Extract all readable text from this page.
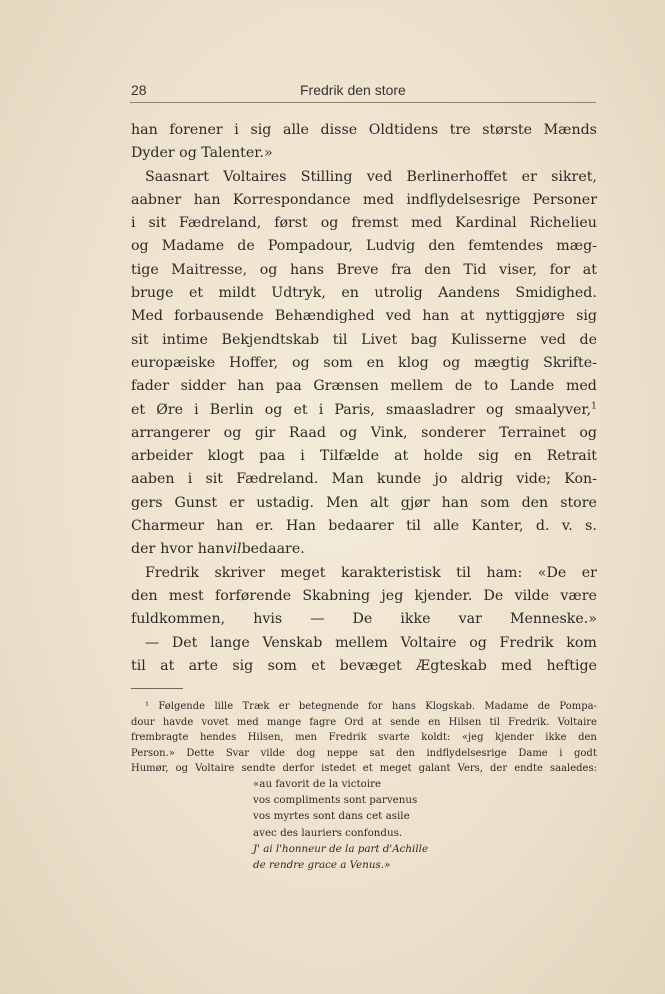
28	Fredrik den store
han forener i sig alle disse Oldtidens tre største Mænds
Dyder og Talenter.»
Saasnart Voltaires Stilling ved Berlinerhoffet er sikret,
aabner han Korrespondance med indflydelsesrige Personer
i sit Fædreland, først og fremst med Kardinal Richelieu
og Madame de Pompadour, Ludvig den femtendes mæg-
tige Maitresse, og hans Breve fra den Tid viser, for at
bruge et mildt Udtryk, en utrolig Aandens Smidighed.
Med forbausende Behændighed ved han at nyttiggjøre sig
sit intime Bekjendtskab til Livet bag Kulisserne ved de
europæiske Hoffer, og som en klog og mægtig Skrifte-
fader sidder han paa Grænsen mellem de to Lande med
et Øre i Berlin og et i Paris, smaasladrer og smaalyver,$^1$
arrangerer og gir Raad og Vink, sonderer Terrainet og
arbeider klogt paa i Tilfælde at holde sig en Retrait
aaben i sit Fædreland. Man kunde jo aldrig vide; Kon-
gers Gunst er ustadig. Men alt gjør han som den store
Charmeur han er. Han bedaarer til alle Kanter, d. v. s.
der hvor han vil bedaare.
Fredrik skriver meget karakteristisk til ham: «De er
den mest forførende Skabning jeg kjender. De vilde være
fuldkommen, hvis — De ikke var Menneske.»
— Det lange Venskab mellem Voltaire og Fredrik kom
til at arte sig som et bevæget Ægteskab med heftige
¹ Følgende lille Træk er betegnende for hans Klogskab. Madame de Pompa-
dour havde vovet med mange fagre Ord at sende en Hilsen til Fredrik. Voltaire
frembragte hendes Hilsen, men Fredrik svarte koldt: «jeg kjender ikke den
Person.» Dette Svar vilde dog neppe sat den indflydelsesrige Dame i godt
Humør, og Voltaire sendte derfor istedet et meget galant Vers, der endte saaledes:
«au favorit de la victoire
vos compliments sont parvenus
vos myrtes sont dans cet asile
avec des lauriers confondus.
J' ai l'honneur de la part d'Achille
de rendre grace a Venus.»
